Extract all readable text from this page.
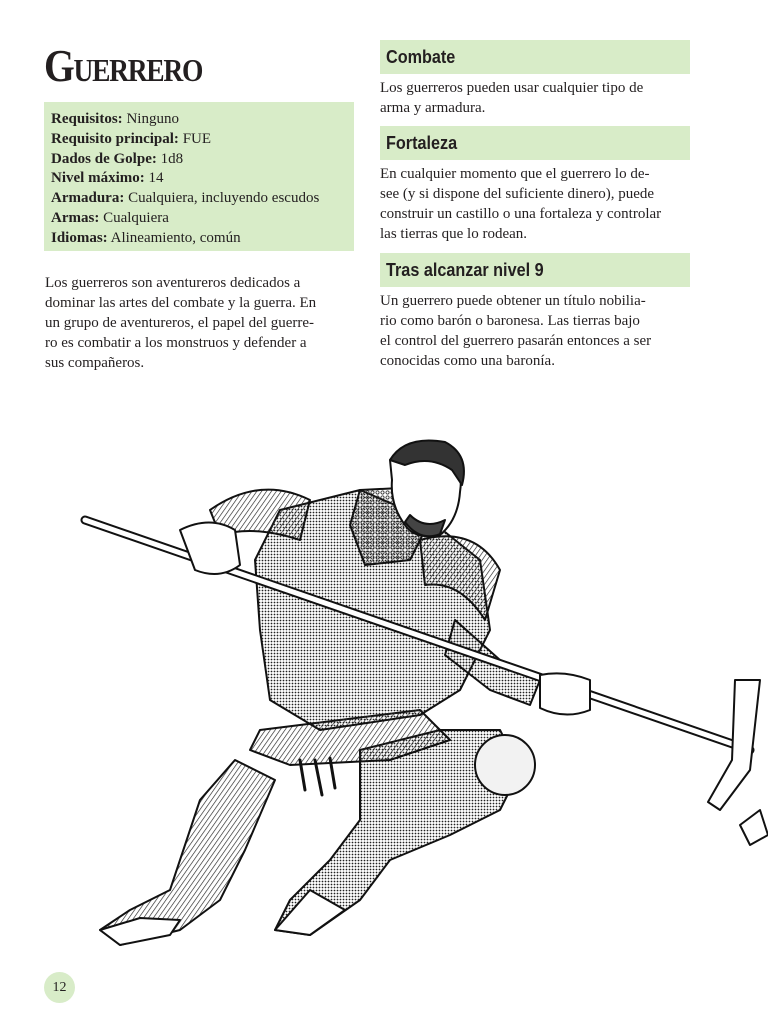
Guerrero
Requisitos: Ninguno
Requisito principal: FUE
Dados de Golpe: 1d8
Nivel máximo: 14
Armadura: Cualquiera, incluyendo escudos
Armas: Cualquiera
Idiomas: Alineamiento, común

Los guerreros son aventureros dedicados a
dominar las artes del combate y la guerra. En
un grupo de aventureros, el papel del guerre-
ro es combatir a los monstruos y defender a
sus compañeros.

Combate

Los guerreros pueden usar cualquier tipo de
arma y armadura.

Fortaleza

En cualquier momento que el guerrero lo de-
see (y si dispone del suficiente dinero), puede
construir un castillo o una fortaleza y controlar
las tierras que lo rodean.

Tras alcanzar nivel 9

Un guerrero puede obtener un título nobilia-
rio como barón o baronesa. Las tierras bajo
el control del guerrero pasarán entonces a ser
conocidas como una baronía.

12
